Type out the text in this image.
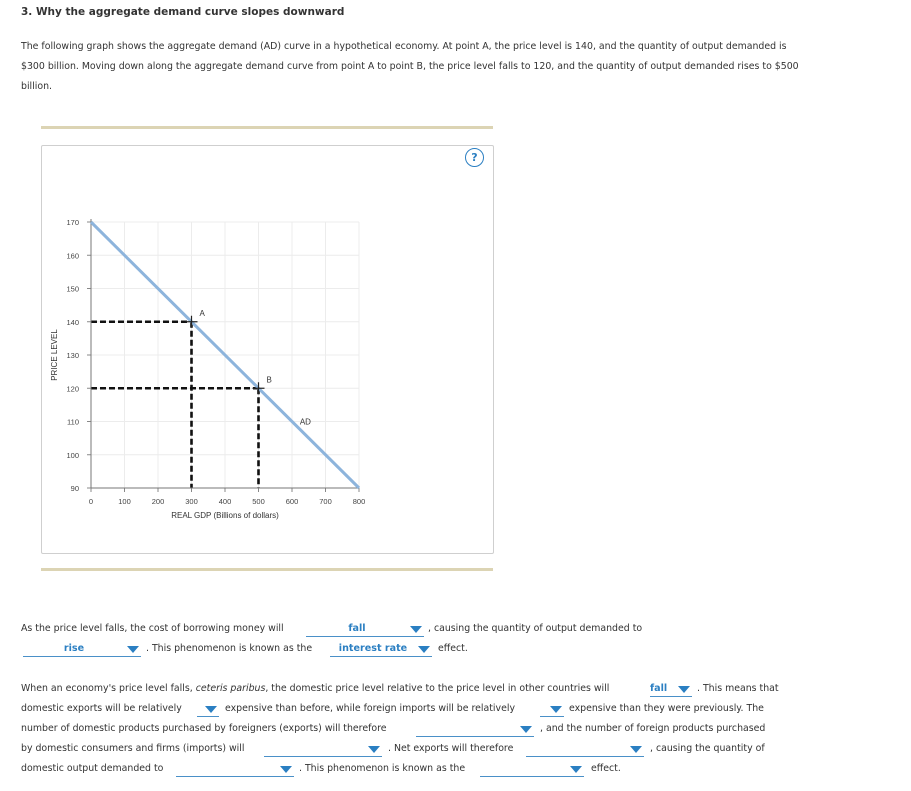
3. Why the aggregate demand curve slopes downward
The following graph shows the aggregate demand (AD) curve in a hypothetical economy. At point A, the price level is 140, and the quantity of output demanded is $300 billion. Moving down along the aggregate demand curve from point A to point B, the price level falls to 120, and the quantity of output demanded rises to $500 billion.
0	100	200	300	400	500	600	700	800
90
100
110
120
130
140
150
160
170
REAL GDP (Billions of dollars)
PRICE LEVEL
A
B
AD
?
As the price level falls, the cost of borrowing money will	fall	, causing the quantity of output demanded to
rise	. This phenomenon is known as the	interest rate	effect.
When an economy's price level falls, ceteris paribus, the domestic price level relative to the price level in other countries will	fall	. This means that
domestic exports will be relatively	expensive than before, while foreign imports will be relatively	expensive than they were previously. The
number of domestic products purchased by foreigners (exports) will therefore	, and the number of foreign products purchased
by domestic consumers and firms (imports) will	. Net exports will therefore	, causing the quantity of
domestic output demanded to	. This phenomenon is known as the	effect.
